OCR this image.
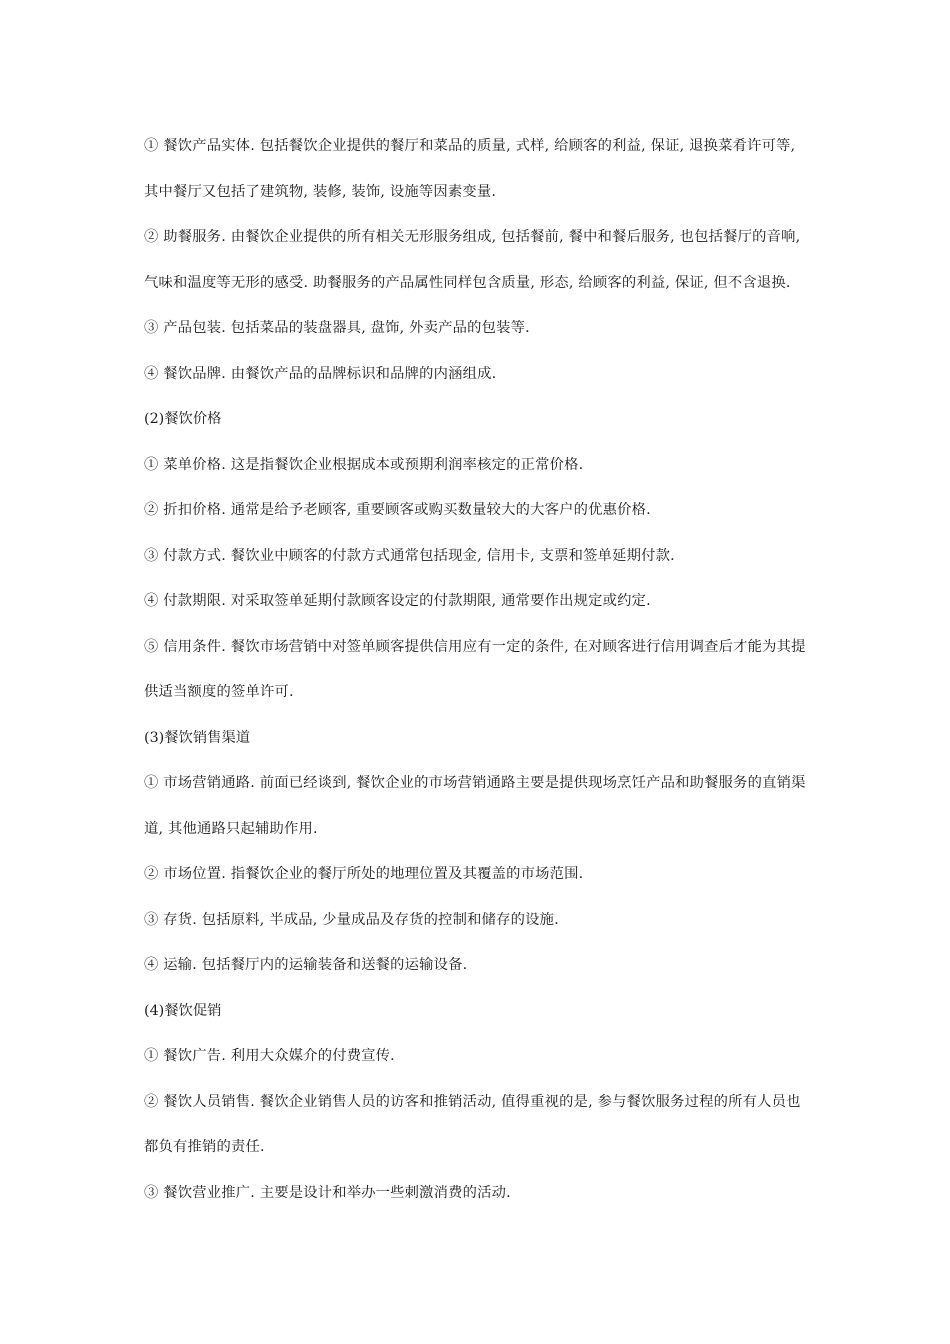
① 餐饮产品实体. 包括餐饮企业提供的餐厅和菜品的质量, 式样, 给顾客的利益, 保证, 退换菜肴许可等, 其中餐厅又包括了建筑物, 装修, 装饰, 设施等因素变量.

② 助餐服务. 由餐饮企业提供的所有相关无形服务组成, 包括餐前, 餐中和餐后服务, 也包括餐厅的音响, 气味和温度等无形的感受. 助餐服务的产品属性同样包含质量, 形态, 给顾客的利益, 保证, 但不含退换.

③ 产品包装. 包括菜品的装盘器具, 盘饰, 外卖产品的包装等.

④ 餐饮品牌. 由餐饮产品的品牌标识和品牌的内涵组成.

(2)餐饮价格

① 菜单价格. 这是指餐饮企业根据成本或预期利润率核定的正常价格.

② 折扣价格. 通常是给予老顾客, 重要顾客或购买数量较大的大客户的优惠价格.

③ 付款方式. 餐饮业中顾客的付款方式通常包括现金, 信用卡, 支票和签单延期付款.

④ 付款期限. 对采取签单延期付款顾客设定的付款期限, 通常要作出规定或约定.

⑤ 信用条件. 餐饮市场营销中对签单顾客提供信用应有一定的条件, 在对顾客进行信用调查后才能为其提供适当额度的签单许可.

(3)餐饮销售渠道

① 市场营销通路. 前面已经谈到, 餐饮企业的市场营销通路主要是提供现场烹饪产品和助餐服务的直销渠道, 其他通路只起辅助作用.

② 市场位置. 指餐饮企业的餐厅所处的地理位置及其覆盖的市场范围.

③ 存货. 包括原料, 半成品, 少量成品及存货的控制和储存的设施.

④ 运输. 包括餐厅内的运输装备和送餐的运输设备.

(4)餐饮促销

① 餐饮广告. 利用大众媒介的付费宣传.

② 餐饮人员销售. 餐饮企业销售人员的访客和推销活动, 值得重视的是, 参与餐饮服务过程的所有人员也都负有推销的责任.

③ 餐饮营业推广. 主要是设计和举办一些刺激消费的活动.
